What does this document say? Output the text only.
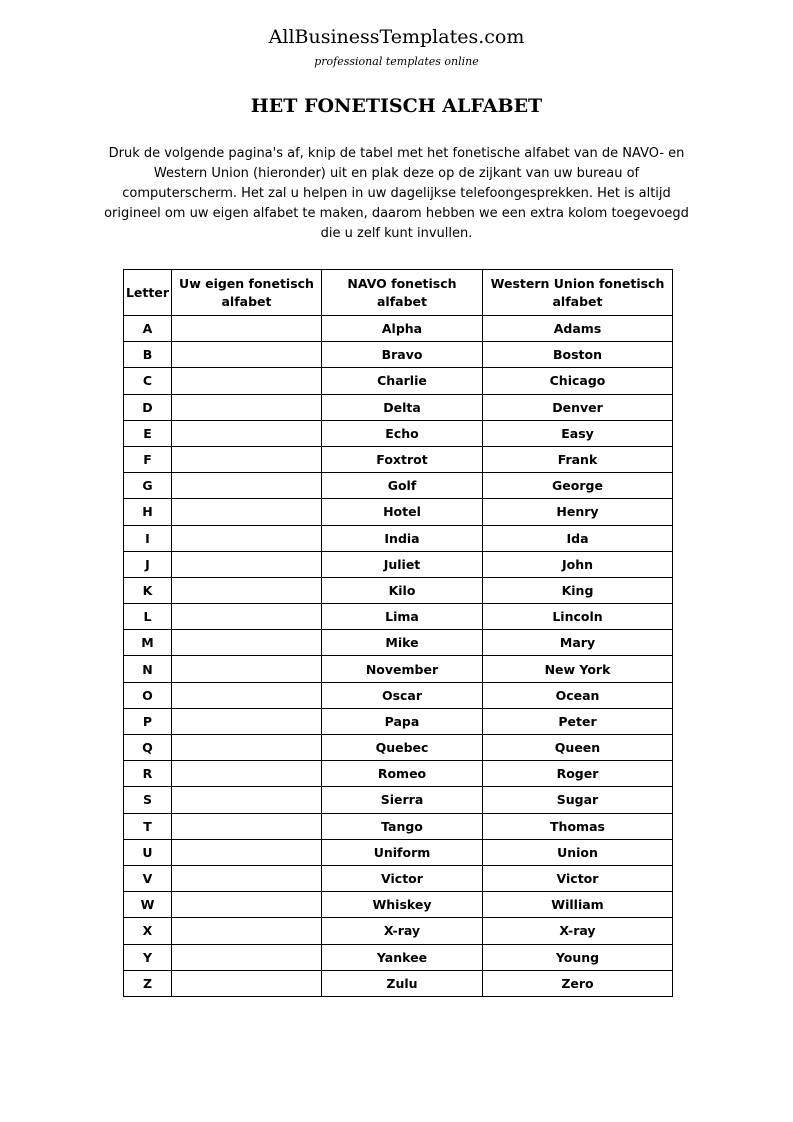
AllBusinessTemplates.com
professional templates online
HET FONETISCH ALFABET

Druk de volgende pagina's af, knip de tabel met het fonetische alfabet van de NAVO- en Western Union (hieronder) uit en plak deze op de zijkant van uw bureau of computerscherm. Het zal u helpen in uw dagelijkse telefoongesprekken. Het is altijd origineel om uw eigen alfabet te maken, daarom hebben we een extra kolom toegevoegd die u zelf kunt invullen.

Letter	Uw eigen fonetisch alfabet	NAVO fonetisch alfabet	Western Union fonetisch alfabet
A		Alpha	Adams
B		Bravo	Boston
C		Charlie	Chicago
D		Delta	Denver
E		Echo	Easy
F		Foxtrot	Frank
G		Golf	George
H		Hotel	Henry
I		India	Ida
J		Juliet	John
K		Kilo	King
L		Lima	Lincoln
M		Mike	Mary
N		November	New York
O		Oscar	Ocean
P		Papa	Peter
Q		Quebec	Queen
R		Romeo	Roger
S		Sierra	Sugar
T		Tango	Thomas
U		Uniform	Union
V		Victor	Victor
W		Whiskey	William
X		X-ray	X-ray
Y		Yankee	Young
Z		Zulu	Zero
